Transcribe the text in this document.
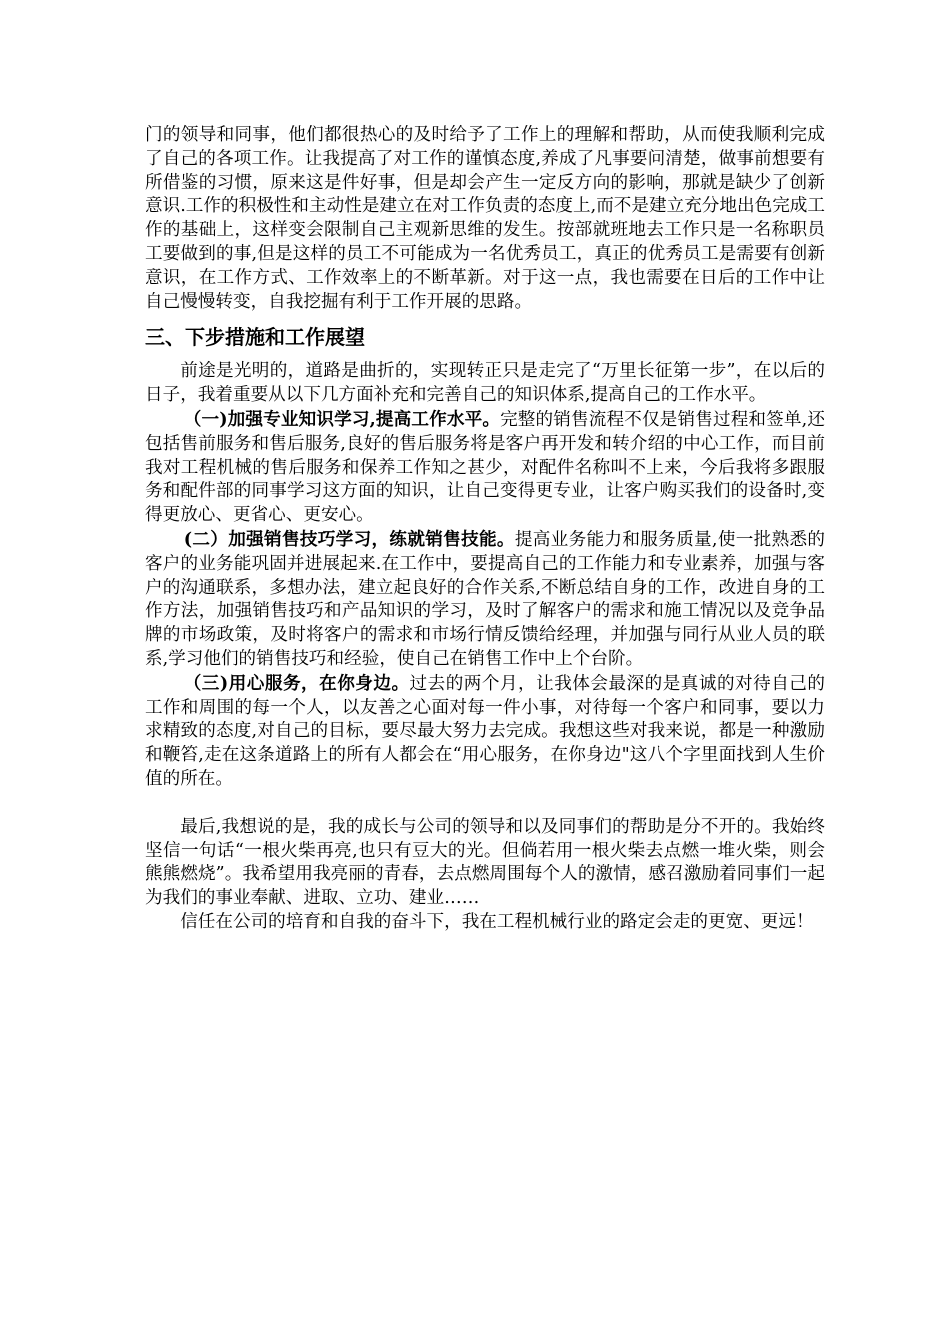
门的领导和同事，他们都很热心的及时给予了工作上的理解和帮助，从而使我顺利完成了自己的各项工作。让我提高了对工作的谨慎态度,养成了凡事要问清楚，做事前想要有所借鉴的习惯，原来这是件好事，但是却会产生一定反方向的影响，那就是缺少了创新意识.工作的积极性和主动性是建立在对工作负责的态度上,而不是建立充分地出色完成工作的基础上，这样变会限制自己主观新思维的发生。按部就班地去工作只是一名称职员工要做到的事,但是这样的员工不可能成为一名优秀员工，真正的优秀员工是需要有创新意识，在工作方式、工作效率上的不断革新。对于这一点，我也需要在日后的工作中让自己慢慢转变，自我挖掘有利于工作开展的思路。

三、下步措施和工作展望

前途是光明的，道路是曲折的，实现转正只是走完了“万里长征第一步”，在以后的日子，我着重要从以下几方面补充和完善自己的知识体系,提高自己的工作水平。

（一)加强专业知识学习,提高工作水平。完整的销售流程不仅是销售过程和签单,还包括售前服务和售后服务,良好的售后服务将是客户再开发和转介绍的中心工作，而目前我对工程机械的售后服务和保养工作知之甚少，对配件名称叫不上来，今后我将多跟服务和配件部的同事学习这方面的知识，让自己变得更专业，让客户购买我们的设备时,变得更放心、更省心、更安心。

(二）加强销售技巧学习，练就销售技能。提高业务能力和服务质量,使一批熟悉的客户的业务能巩固并进展起来.在工作中，要提高自己的工作能力和专业素养，加强与客户的沟通联系，多想办法，建立起良好的合作关系,不断总结自身的工作，改进自身的工作方法，加强销售技巧和产品知识的学习，及时了解客户的需求和施工情况以及竞争品牌的市场政策，及时将客户的需求和市场行情反馈给经理，并加强与同行从业人员的联系,学习他们的销售技巧和经验，使自己在销售工作中上个台阶。

（三)用心服务，在你身边。过去的两个月，让我体会最深的是真诚的对待自己的工作和周围的每一个人，以友善之心面对每一件小事，对待每一个客户和同事，要以力求精致的态度,对自己的目标，要尽最大努力去完成。我想这些对我来说，都是一种激励和鞭笞,走在这条道路上的所有人都会在“用心服务，在你身边"这八个字里面找到人生价值的所在。

最后,我想说的是，我的成长与公司的领导和以及同事们的帮助是分不开的。我始终坚信一句话“一根火柴再亮,也只有豆大的光。但倘若用一根火柴去点燃一堆火柴，则会熊熊燃烧”。我希望用我亮丽的青春，去点燃周围每个人的激情，感召激励着同事们一起为我们的事业奉献、进取、立功、建业……

信任在公司的培育和自我的奋斗下，我在工程机械行业的路定会走的更宽、更远！
